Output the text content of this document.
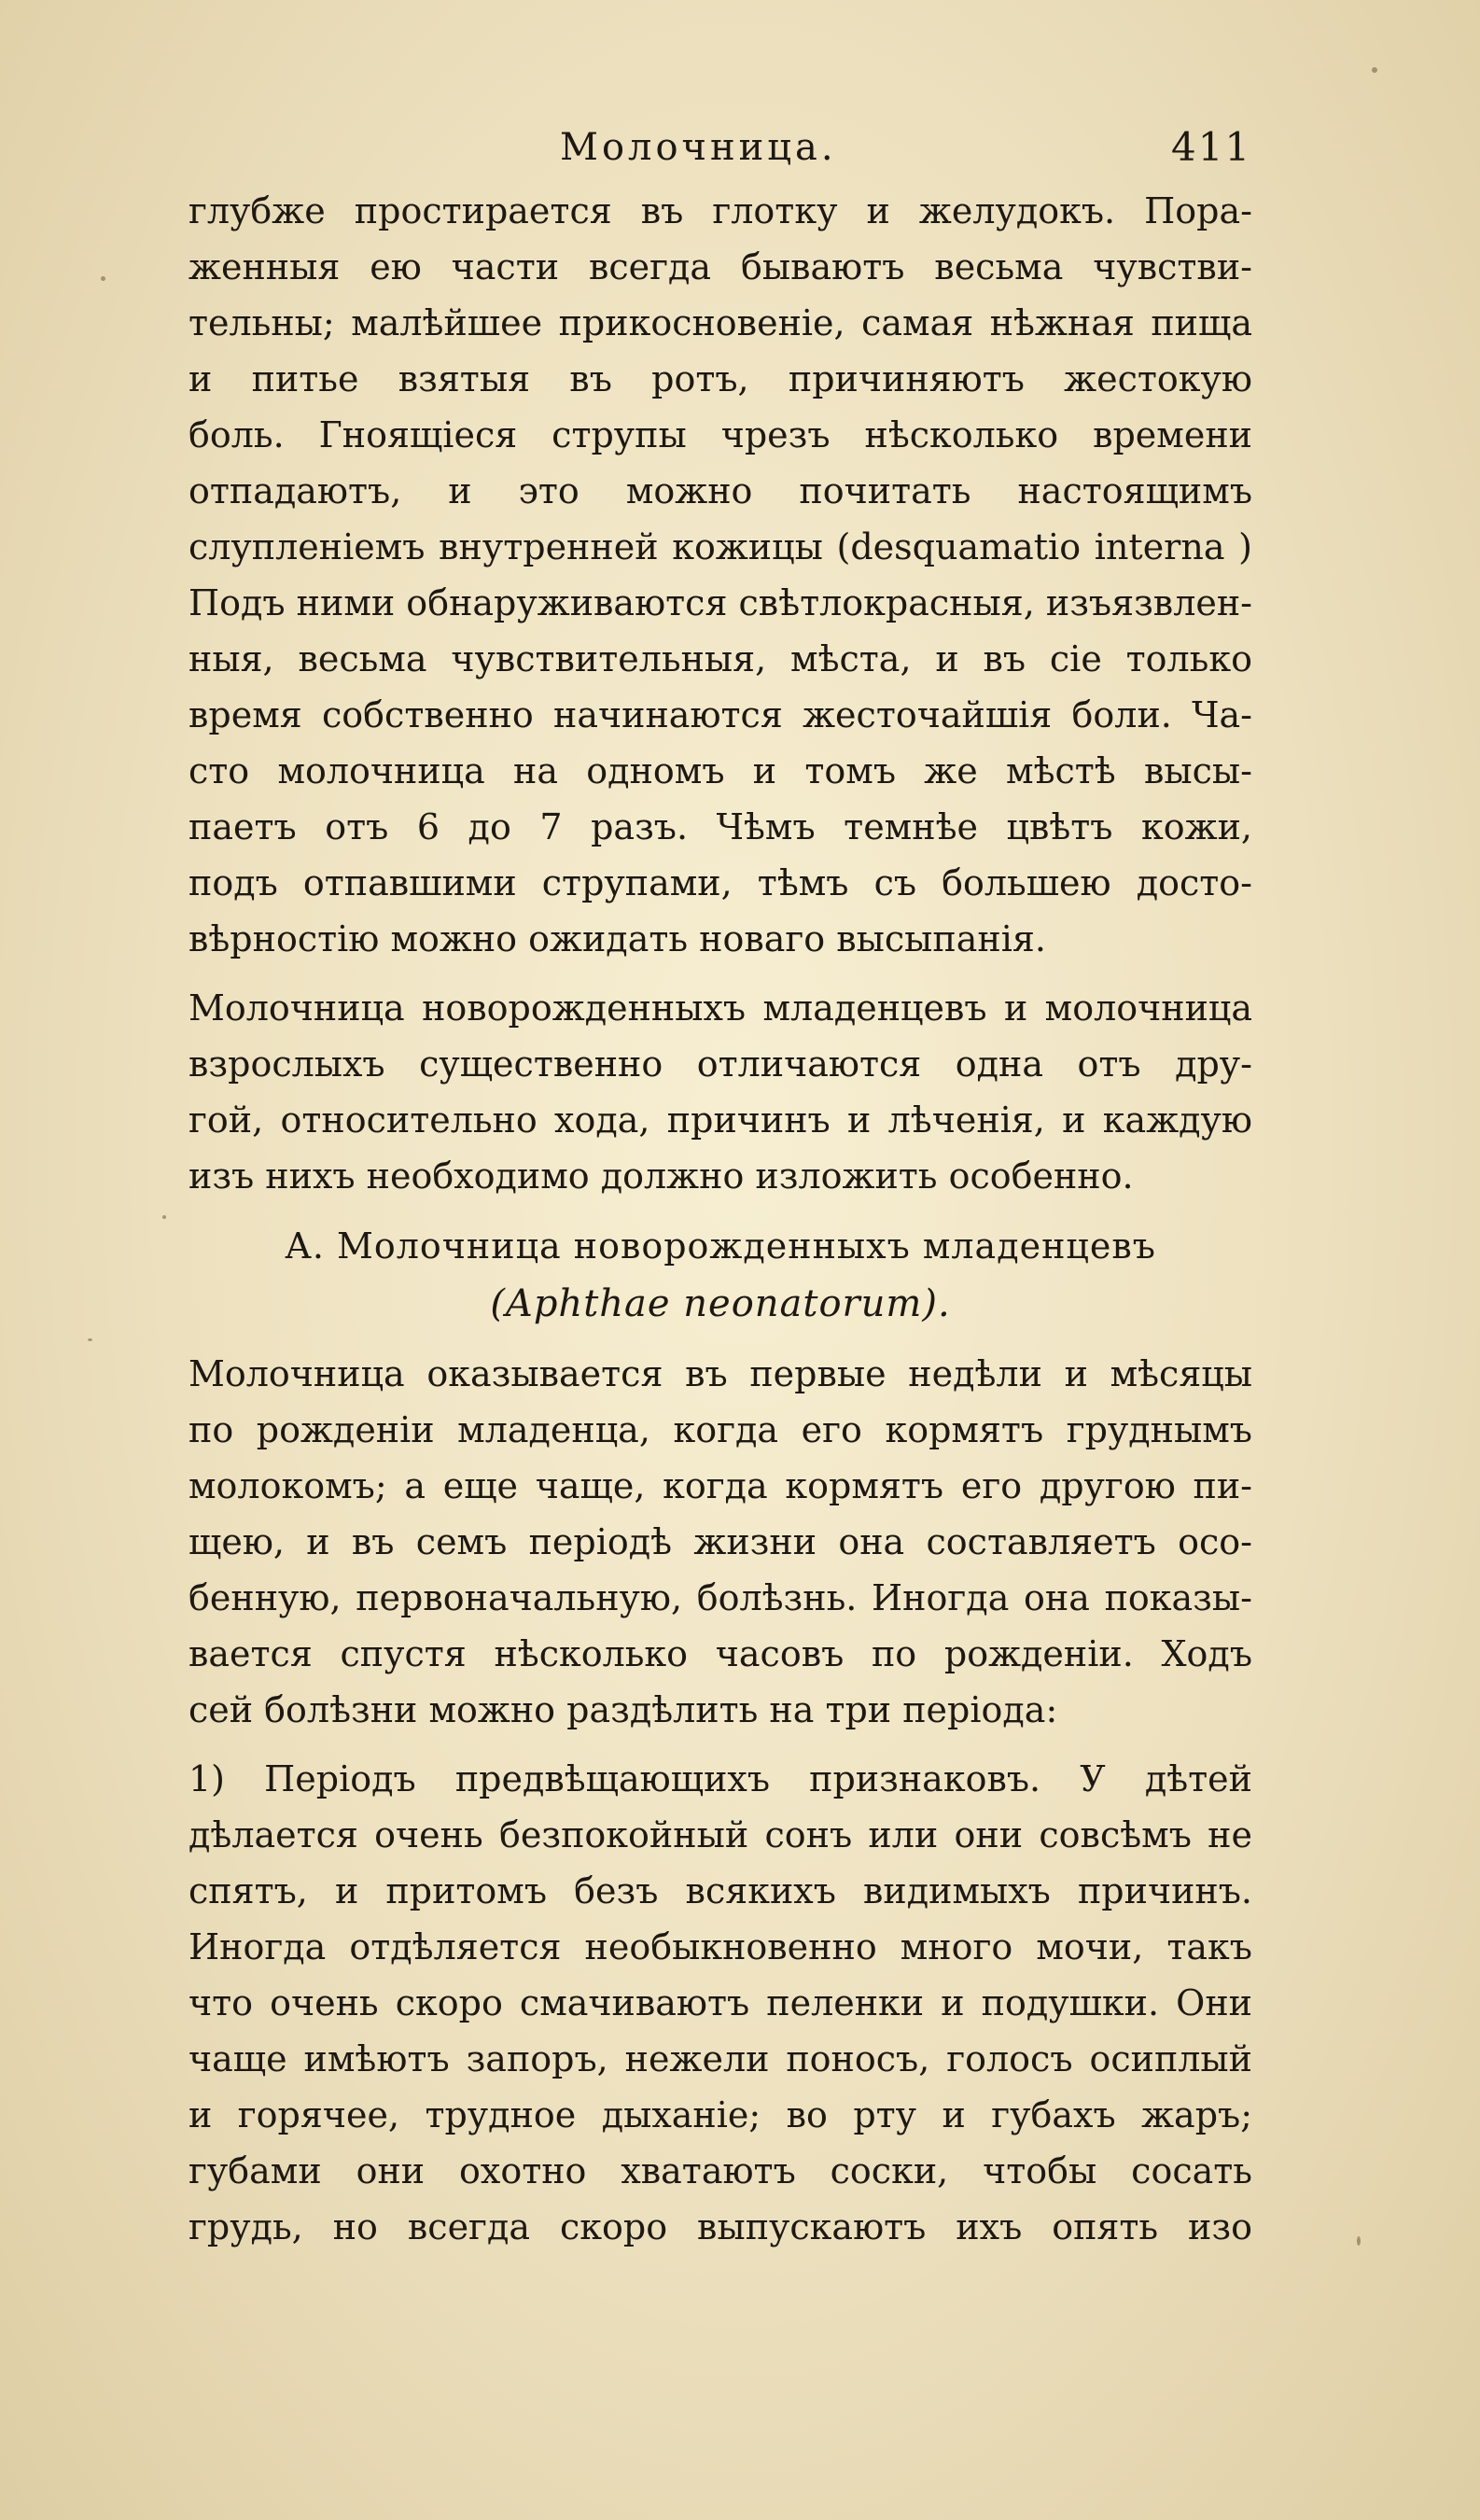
Молочница.	411
глубже простирается въ глотку и желудокъ. Пора-
женныя ею части всегда бываютъ весьма чувстви-
тельны; малѣйшее прикосновенiе, самая нѣжная пища
и питье взятыя въ ротъ, причиняютъ жестокую
боль. Гноящiеся струпы чрезъ нѣсколько времени
отпадаютъ, и это можно почитать настоящимъ
слупленiемъ внутренней кожицы (desquamatio interna )
Подъ ними обнаруживаются свѣтлокрасныя, изъязвлен-
ныя, весьма чувствительныя, мѣста, и въ сiе только
время собственно начинаются жесточайшiя боли. Ча-
сто молочница на одномъ и томъ же мѣстѣ высы-
паетъ отъ 6 до 7 разъ. Чѣмъ темнѣе цвѣтъ кожи,
подъ отпавшими струпами, тѣмъ съ большею досто-
вѣрностiю можно ожидать новаго высыпанiя.
Молочница новорожденныхъ младенцевъ и молочница
взрослыхъ существенно отличаются одна отъ дру-
гой, относительно хода, причинъ и лѣченiя, и каждую
изъ нихъ необходимо должно изложить особенно.
А. Молочница новорожденныхъ младенцевъ
(Aphthae neonatorum).
Молочница оказывается въ первые недѣли и мѣсяцы
по рожденiи младенца, когда его кормятъ груднымъ
молокомъ; а еще чаще, когда кормятъ его другою пи-
щею, и въ семъ перiодѣ жизни она составляетъ осо-
бенную, первоначальную, болѣзнь. Иногда она показы-
вается спустя нѣсколько часовъ по рожденiи. Ходъ
сей болѣзни можно раздѣлить на три перiода:
1) Перiодъ предвѣщающихъ признаковъ. У дѣтей
дѣлается очень безпокойный сонъ или они совсѣмъ не
спятъ, и притомъ безъ всякихъ видимыхъ причинъ.
Иногда отдѣляется необыкновенно много мочи, такъ
что очень скоро смачиваютъ пеленки и подушки. Они
чаще имѣютъ запоръ, нежели поносъ, голосъ осиплый
и горячее, трудное дыханiе; во рту и губахъ жаръ;
губами они охотно хватаютъ соски, чтобы сосать
грудь, но всегда скоро выпускаютъ ихъ опять изо
